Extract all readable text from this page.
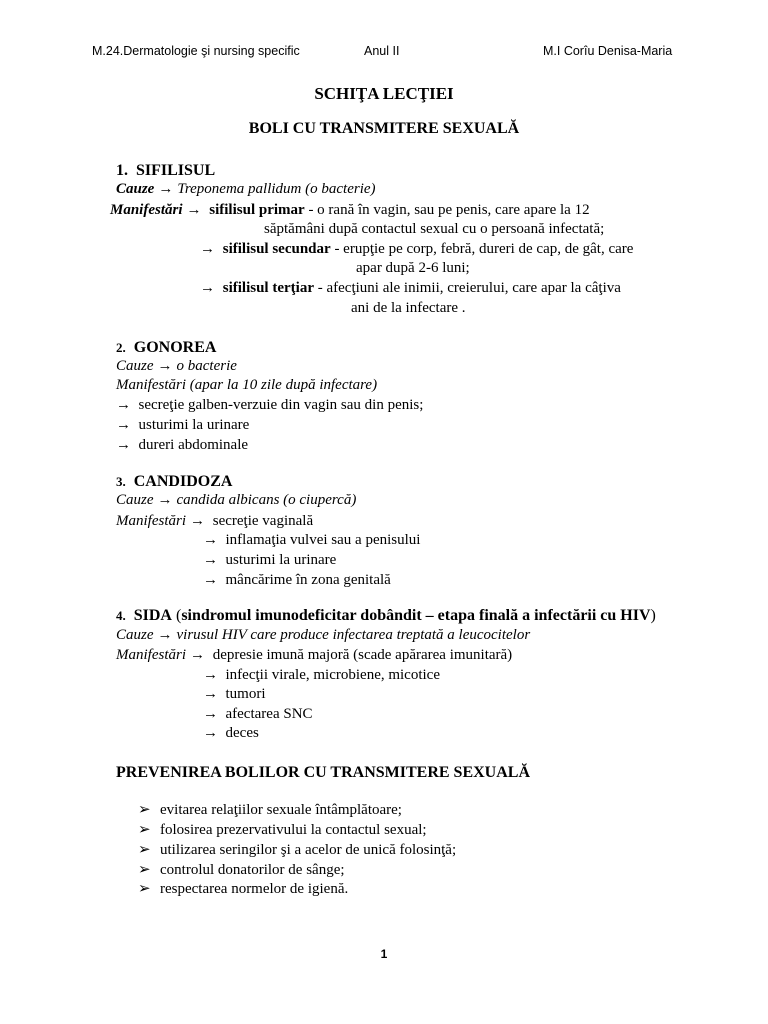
M.24.Dermatologie şi nursing specific	Anul II	M.I Corîu Denisa-Maria
SCHIŢA LECŢIEI
BOLI CU TRANSMITERE SEXUALĂ
1. SIFILISUL
Cauze → Treponema pallidum (o bacterie)
Manifestări → sifilisul primar - o rană în vagin, sau pe penis, care apare la 12
săptămâni după contactul sexual cu o persoană infectată;
→ sifilisul secundar - erupţie pe corp, febră, dureri de cap, de gât, care
apar după 2-6 luni;
→ sifilisul terţiar - afecţiuni ale inimii, creierului, care apar la câţiva
ani de la infectare .
2. GONOREA
Cauze → o bacterie
Manifestări (apar la 10 zile după infectare)
→ secreţie galben-verzuie din vagin sau din penis;
→ usturimi la urinare
→ dureri abdominale
3. CANDIDOZA
Cauze → candida albicans (o ciupercă)
Manifestări → secreţie vaginală
→ inflamaţia vulvei sau a penisului
→ usturimi la urinare
→ mâncărime în zona genitală
4. SIDA (sindromul imunodeficitar dobândit – etapa finală a infectării cu HIV)
Cauze → virusul HIV care produce infectarea treptată a leucocitelor
Manifestări → depresie imună majoră (scade apărarea imunitară)
→ infecţii virale, microbiene, micotice
→ tumori
→ afectarea SNC
→ deces
PREVENIREA BOLILOR CU TRANSMITERE SEXUALĂ
➢ evitarea relaţiilor sexuale întâmplătoare;
➢ folosirea prezervativului la contactul sexual;
➢ utilizarea seringilor şi a acelor de unică folosinţă;
➢ controlul donatorilor de sânge;
➢ respectarea normelor de igienă.
1
